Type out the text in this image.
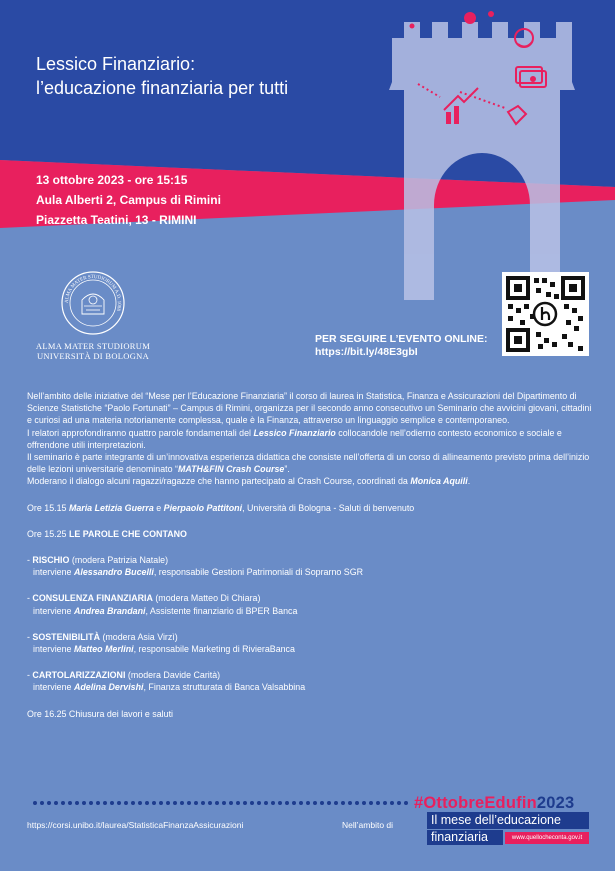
Lessico Finanziario:
l’educazione finanziaria per tutti
13 ottobre 2023 - ore 15:15
Aula Alberti 2, Campus di Rimini
Piazzetta Teatini, 13 - RIMINI
ALMA MATER STUDIORUM A.D. 1088
ALMA MATER STUDIORUM
UNIVERSITÀ DI BOLOGNA
PER SEGUIRE L’EVENTO ONLINE:
https://bit.ly/48E3gbI

Nell’ambito delle iniziative del “Mese per l’Educazione Finanziaria” il corso di laurea in Statistica, Finanza e Assicurazioni del Dipartimento di Scienze Statistiche “Paolo Fortunati” – Campus di Rimini, organizza per il secondo anno consecutivo un Seminario che avvicini giovani, cittadini e curiosi ad una materia notoriamente complessa, quale è la Finanza, attraverso un linguaggio semplice e contemporaneo.

I relatori approfondiranno quattro parole fondamentali del Lessico Finanziario collocandole nell’odierno contesto economico e sociale e offrendone utili interpretazioni.

Il seminario è parte integrante di un’innovativa esperienza didattica che consiste nell’offerta di un corso di allineamento previsto prima dell’inizio delle lezioni universitarie denominato “MATH&FIN Crash Course”.

Moderano il dialogo alcuni ragazzi/ragazze che hanno partecipato al Crash Course, coordinati da Monica Aquili.

Ore 15.15 Maria Letizia Guerra e Pierpaolo Pattitoni, Università di Bologna - Saluti di benvenuto

Ore 15.25 LE PAROLE CHE CONTANO

- RISCHIO (modera Patrizia Natale)

interviene Alessandro Bucelli, responsabile Gestioni Patrimoniali di Soprarno SGR

- CONSULENZA FINANZIARIA (modera Matteo Di Chiara)

interviene Andrea Brandani, Assistente finanziario di BPER Banca

- SOSTENIBILITÀ (modera Asia Virzì)

interviene Matteo Merlini, responsabile Marketing di RivieraBanca

- CARTOLARIZZAZIONI (modera Davide Carità)

interviene Adelina Dervishi, Finanza strutturata di Banca Valsabbina

Ore 16.25 Chiusura dei lavori e saluti

https://corsi.unibo.it/laurea/StatisticaFinanzaAssicurazioni	Nell’ambito di
#OttobreEdufin2023
Il mese dell’educazione
finanziaria	www.quellocheconta.gov.it
